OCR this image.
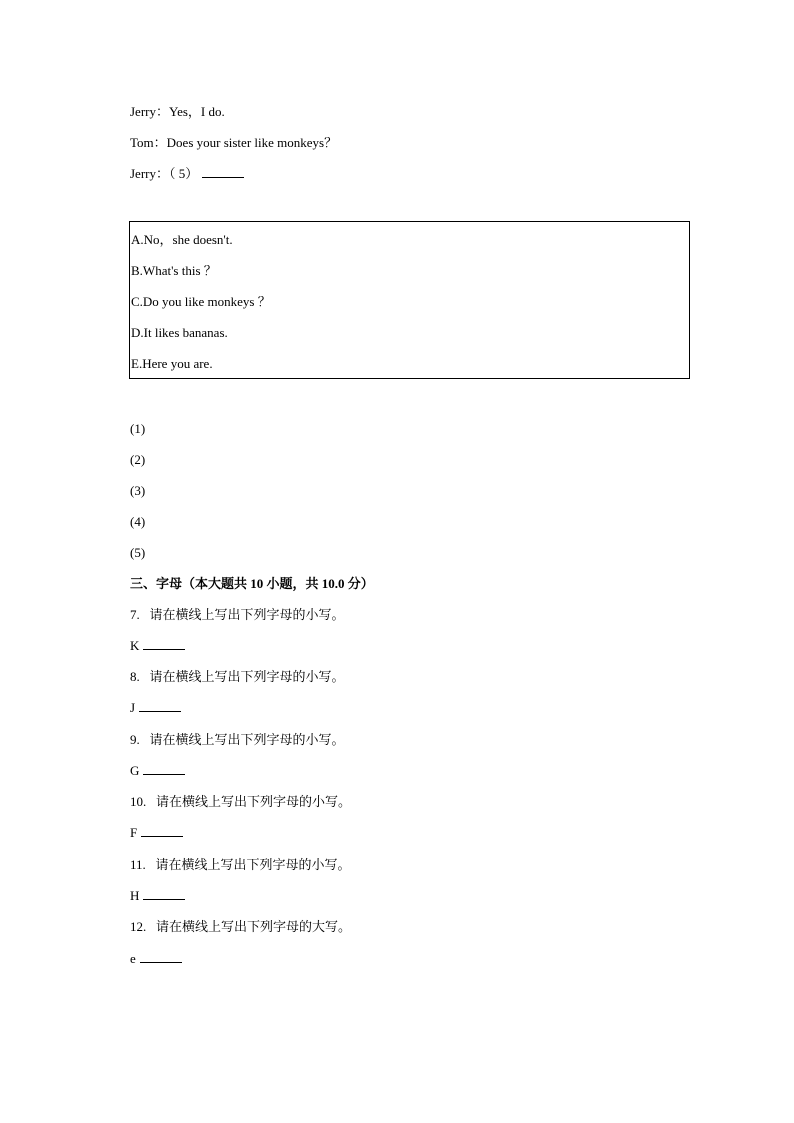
Jerry：Yes，I do.
Tom：Does your sister like monkeys？
Jerry：（ 5）
A.No，she doesn't.
B.What's this ？
C.Do you like monkeys ？
D.It likes bananas.
E.Here you are.
(1)
(2)
(3)
(4)
(5)
三、字母（本大题共 10 小题，共 10.0 分）
7. 请在横线上写出下列字母的小写。
K
8. 请在横线上写出下列字母的小写。
J
9. 请在横线上写出下列字母的小写。
G
10. 请在横线上写出下列字母的小写。
F
11. 请在横线上写出下列字母的小写。
H
12. 请在横线上写出下列字母的大写。
e
